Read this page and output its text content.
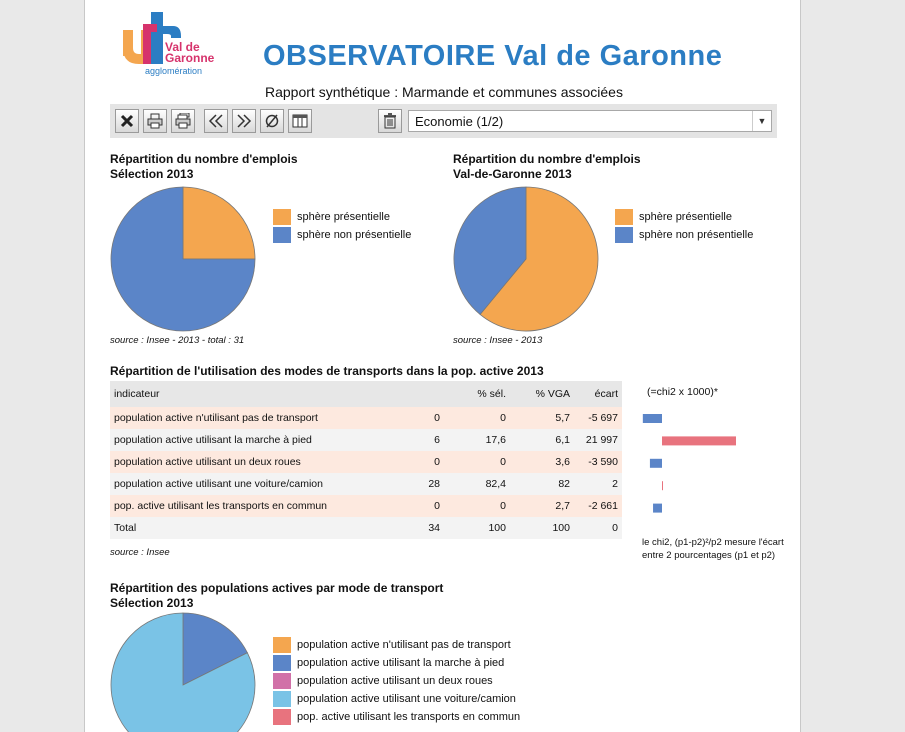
Val de
Garonne
agglomération OBSERVATOIRE Val de Garonne
Rapport synthétique : Marmande et communes associées
Economie (1/2)	▼
Répartition du nombre d'emplois
Sélection 2013
sphère présentielle
sphère non présentielle
source : Insee - 2013 - total : 31
Répartition du nombre d'emplois
Val-de-Garonne 2013
sphère présentielle
sphère non présentielle
source : Insee - 2013
Répartition de l'utilisation des modes de transports dans la pop. active 2013
indicateur		% sél.	% VGA	écart
population active n'utilisant pas de transport	0	0	5,7	-5 697
population active utilisant la marche à pied	6	17,6	6,1	21 997
population active utilisant un deux roues	0	0	3,6	-3 590
population active utilisant une voiture/camion	28	82,4	82	2
pop. active utilisant les transports en commun	0	0	2,7	-2 661
Total	34	100	100	0
(=chi2 x 1000)*
source : Insee
le chi2, (p1-p2)²/p2 mesure l'écart
entre 2 pourcentages (p1 et p2)
Répartition des populations actives par mode de transport
Sélection 2013
population active n'utilisant pas de transport
population active utilisant la marche à pied
population active utilisant un deux roues
population active utilisant une voiture/camion
pop. active utilisant les transports en commun
